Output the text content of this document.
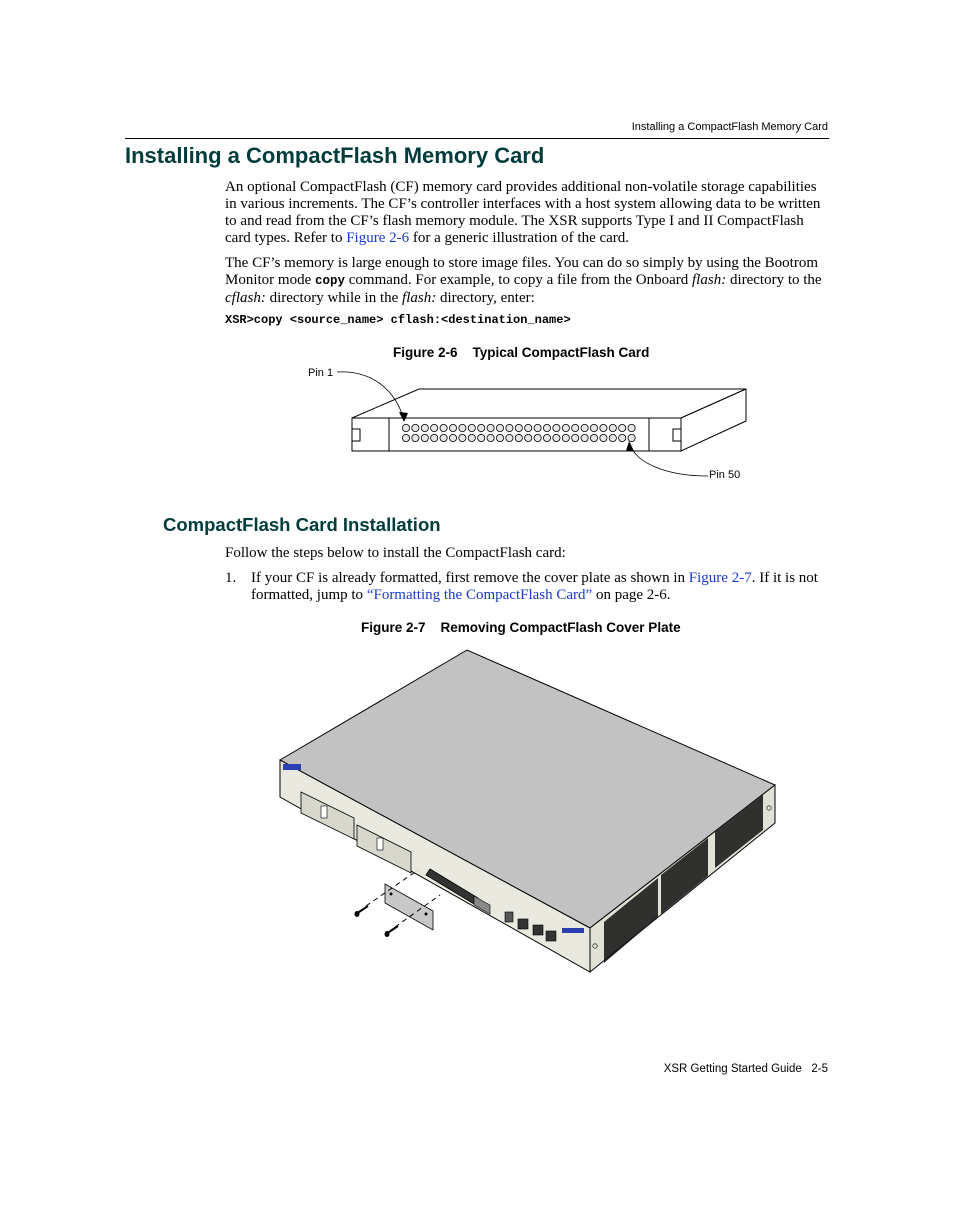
Installing a CompactFlash Memory Card
Installing a CompactFlash Memory Card

An optional CompactFlash (CF) memory card provides additional non-volatile storage capabilities in various increments. The CF’s controller interfaces with a host system allowing data to be written to and read from the CF’s flash memory module. The XSR supports Type I and II CompactFlash card types. Refer to Figure 2-6 for a generic illustration of the card.

The CF’s memory is large enough to store image files. You can do so simply by using the Bootrom Monitor mode copy command. For example, to copy a file from the Onboard flash: directory to the cflash: directory while in the flash: directory, enter:

XSR>copy <source_name> cflash:<destination_name>
Figure 2-6    Typical CompactFlash Card
Pin 1
Pin 50
CompactFlash Card Installation

Follow the steps below to install the CompactFlash card:

1. If your CF is already formatted, first remove the cover plate as shown in Figure 2-7. If it is not formatted, jump to “Formatting the CompactFlash Card” on page 2-6.

Figure 2-7    Removing CompactFlash Cover Plate
XSR Getting Started Guide 2-5
